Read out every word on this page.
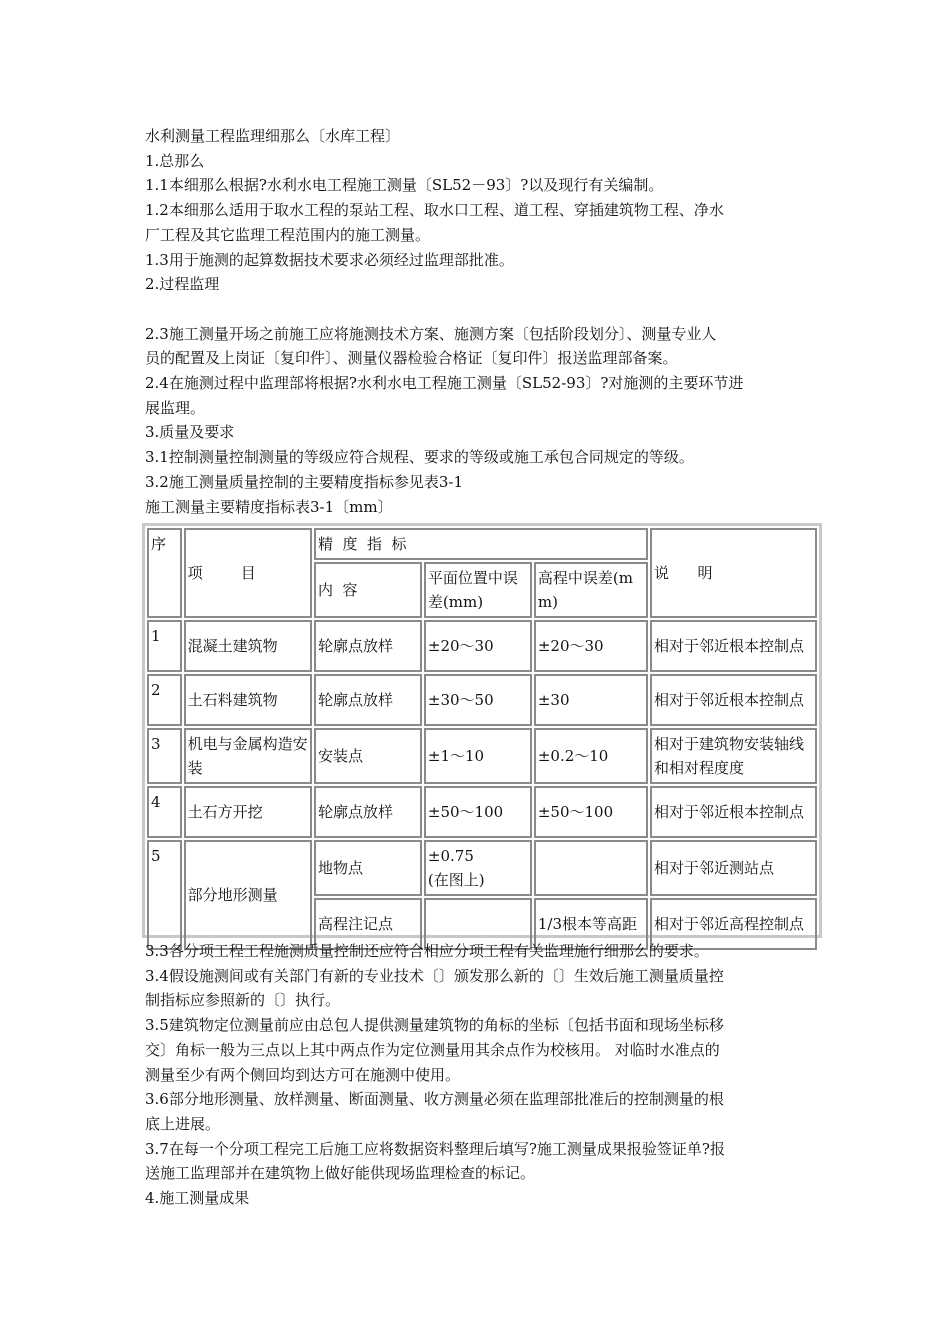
水利测量工程监理细那么〔水库工程〕
1.总那么
1.1本细那么根据?水利水电工程施工测量〔SL52－93〕?以及现行有关编制。
1.2本细那么适用于取水工程的泵站工程、取水口工程、道工程、穿插建筑物工程、净水
厂工程及其它监理工程范围内的施工测量。
1.3用于施测的起算数据技术要求必须经过监理部批准。
2.过程监理
2.3施工测量开场之前施工应将施测技术方案、施测方案〔包括阶段划分〕、测量专业人
员的配置及上岗证〔复印件〕、测量仪器检验合格证〔复印件〕报送监理部备案。
2.4在施测过程中监理部将根据?水利水电工程施工测量〔SL52-93〕?对施测的主要环节进
展监理。
3.质量及要求
3.1控制测量控制测量的等级应符合规程、要求的等级或施工承包合同规定的等级。
3.2施工测量质量控制的主要精度指标参见表3-1
施工测量主要精度指标表3-1〔mm〕
序	项        目	精  度  指  标			说      明
		内  容	平面位置中误差(mm)	高程中误差(mm)	
1	混凝土建筑物	轮廓点放样	±20～30	±20～30	相对于邻近根本控制点
2	土石料建筑物	轮廓点放样	±30～50	±30	相对于邻近根本控制点
3	机电与金属构造安装	安装点	±1～10	±0.2～10	相对于建筑物安装轴线和相对程度度
4	土石方开挖	轮廓点放样	±50～100	±50～100	相对于邻近根本控制点
5	部分地形测量	地物点	±0.75
(在图上)		相对于邻近测站点
		高程注记点		1/3根本等高距	相对于邻近高程控制点
3.3各分项工程工程施测质量控制还应符合相应分项工程有关监理施行细那么的要求。
3.4假设施测间或有关部门有新的专业技术〔〕颁发那么新的〔〕生效后施工测量质量控
制指标应参照新的〔〕执行。
3.5建筑物定位测量前应由总包人提供测量建筑物的角标的坐标〔包括书面和现场坐标移
交〕角标一般为三点以上其中两点作为定位测量用其余点作为校核用。 对临时水准点的
测量至少有两个侧回均到达方可在施测中使用。
3.6部分地形测量、放样测量、断面测量、收方测量必须在监理部批准后的控制测量的根
底上进展。
3.7在每一个分项工程完工后施工应将数据资料整理后填写?施工测量成果报验签证单?报
送施工监理部并在建筑物上做好能供现场监理检查的标记。
4.施工测量成果
